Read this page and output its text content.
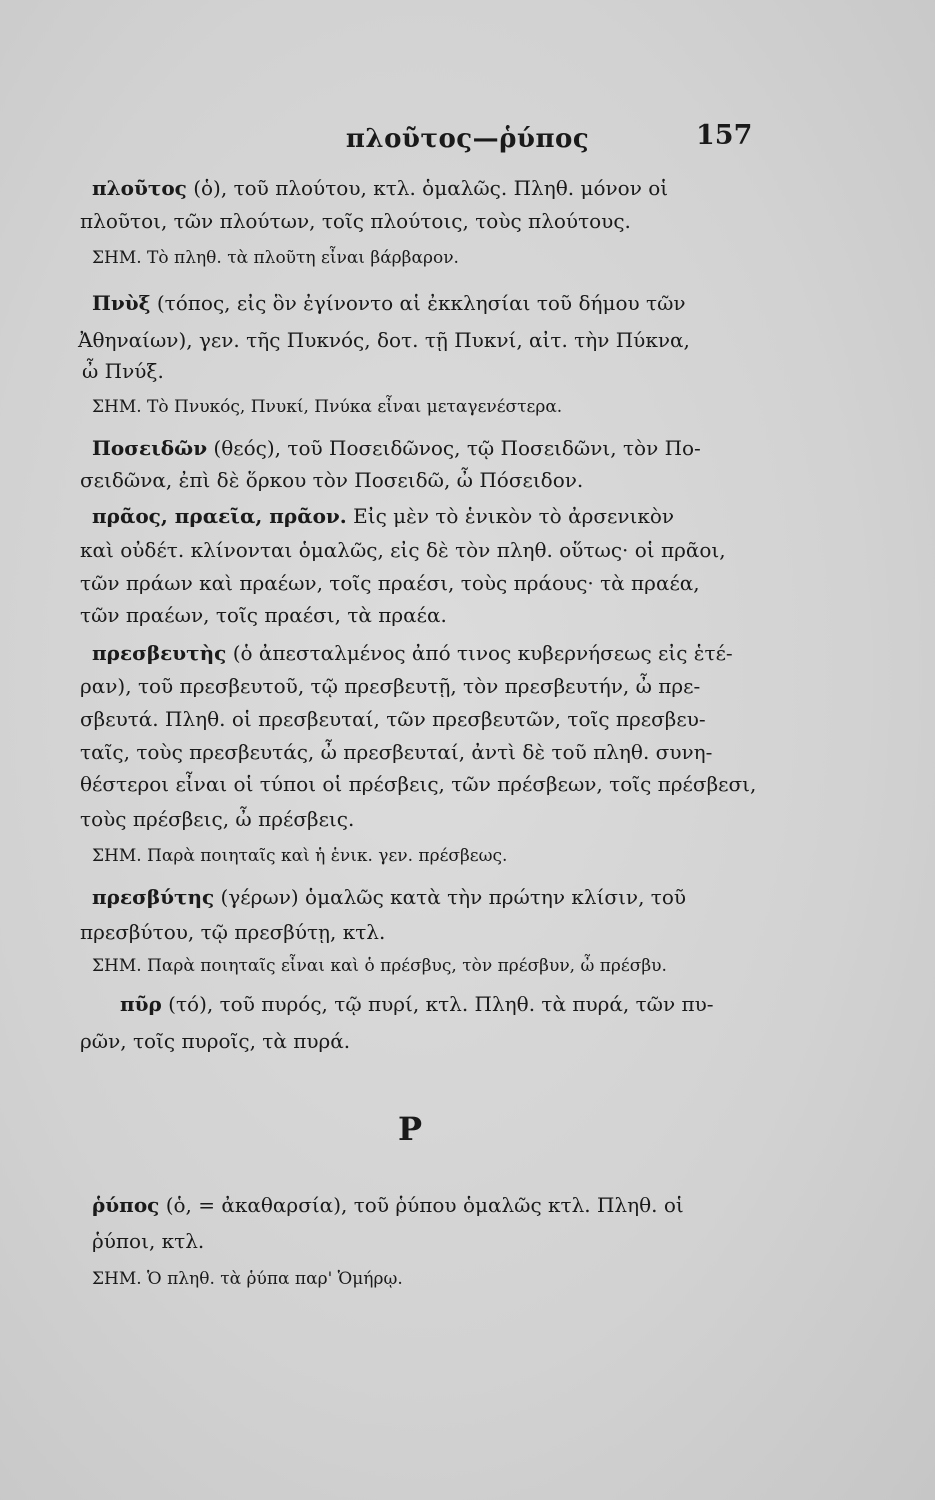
πλοῦτος—ῥύπος	157
πλοῦτος (ὁ), τοῦ πλούτου, κτλ. ὁμαλῶς. Πληθ. μόνον οἱ
πλοῦτοι, τῶν πλούτων, τοῖς πλούτοις, τοὺς πλούτους.
ΣΗΜ. Τὸ πληθ. τὰ πλοῦτη εἶναι βάρβαρον.
Πνὺξ (τόπος, εἰς ὃν ἐγίνοντο αἱ ἐκκλησίαι τοῦ δήμου τῶν
Ἀθηναίων), γεν. τῆς Πυκνός, δοτ. τῇ Πυκνί, αἰτ. τὴν Πύκνα,
ὦ Πνύξ.
ΣΗΜ. Τὸ Πνυκός, Πνυκί, Πνύκα εἶναι μεταγενέστερα.
Ποσειδῶν (θεός), τοῦ Ποσειδῶνος, τῷ Ποσειδῶνι, τὸν Πο-
σειδῶνα, ἐπὶ δὲ ὅρκου τὸν Ποσειδῶ, ὦ Πόσειδον.
πρᾶος, πραεῖα, πρᾶον. Εἰς μὲν τὸ ἑνικὸν τὸ ἀρσενικὸν
καὶ οὐδέτ. κλίνονται ὁμαλῶς, εἰς δὲ τὸν πληθ. οὕτως· οἱ πρᾶοι,
τῶν πράων καὶ πραέων, τοῖς πραέσι, τοὺς πράους· τὰ πραέα,
τῶν πραέων, τοῖς πραέσι, τὰ πραέα.
πρεσβευτὴς (ὁ ἀπεσταλμένος ἀπό τινος κυβερνήσεως εἰς ἑτέ-
ραν), τοῦ πρεσβευτοῦ, τῷ πρεσβευτῇ, τὸν πρεσβευτήν, ὦ πρε-
σβευτά. Πληθ. οἱ πρεσβευταί, τῶν πρεσβευτῶν, τοῖς πρεσβευ-
ταῖς, τοὺς πρεσβευτάς, ὦ πρεσβευταί, ἀντὶ δὲ τοῦ πληθ. συνη-
θέστεροι εἶναι οἱ τύποι οἱ πρέσβεις, τῶν πρέσβεων, τοῖς πρέσβεσι,
τοὺς πρέσβεις, ὦ πρέσβεις.
ΣΗΜ. Παρὰ ποιηταῖς καὶ ἡ ἑνικ. γεν. πρέσβεως.
πρεσβύτης (γέρων) ὁμαλῶς κατὰ τὴν πρώτην κλίσιν, τοῦ
πρεσβύτου, τῷ πρεσβύτῃ, κτλ.
ΣΗΜ. Παρὰ ποιηταῖς εἶναι καὶ ὁ πρέσβυς, τὸν πρέσβυν, ὦ πρέσβυ.
πῦρ (τό), τοῦ πυρός, τῷ πυρί, κτλ. Πληθ. τὰ πυρά, τῶν πυ-
ρῶν, τοῖς πυροῖς, τὰ πυρά.
Ρ
ῥύπος (ὁ, = ἀκαθαρσία), τοῦ ῥύπου ὁμαλῶς κτλ. Πληθ. οἱ
ῥύποι, κτλ.
ΣΗΜ. Ὁ πληθ. τὰ ῥύπα παρ' Ὁμήρῳ.
